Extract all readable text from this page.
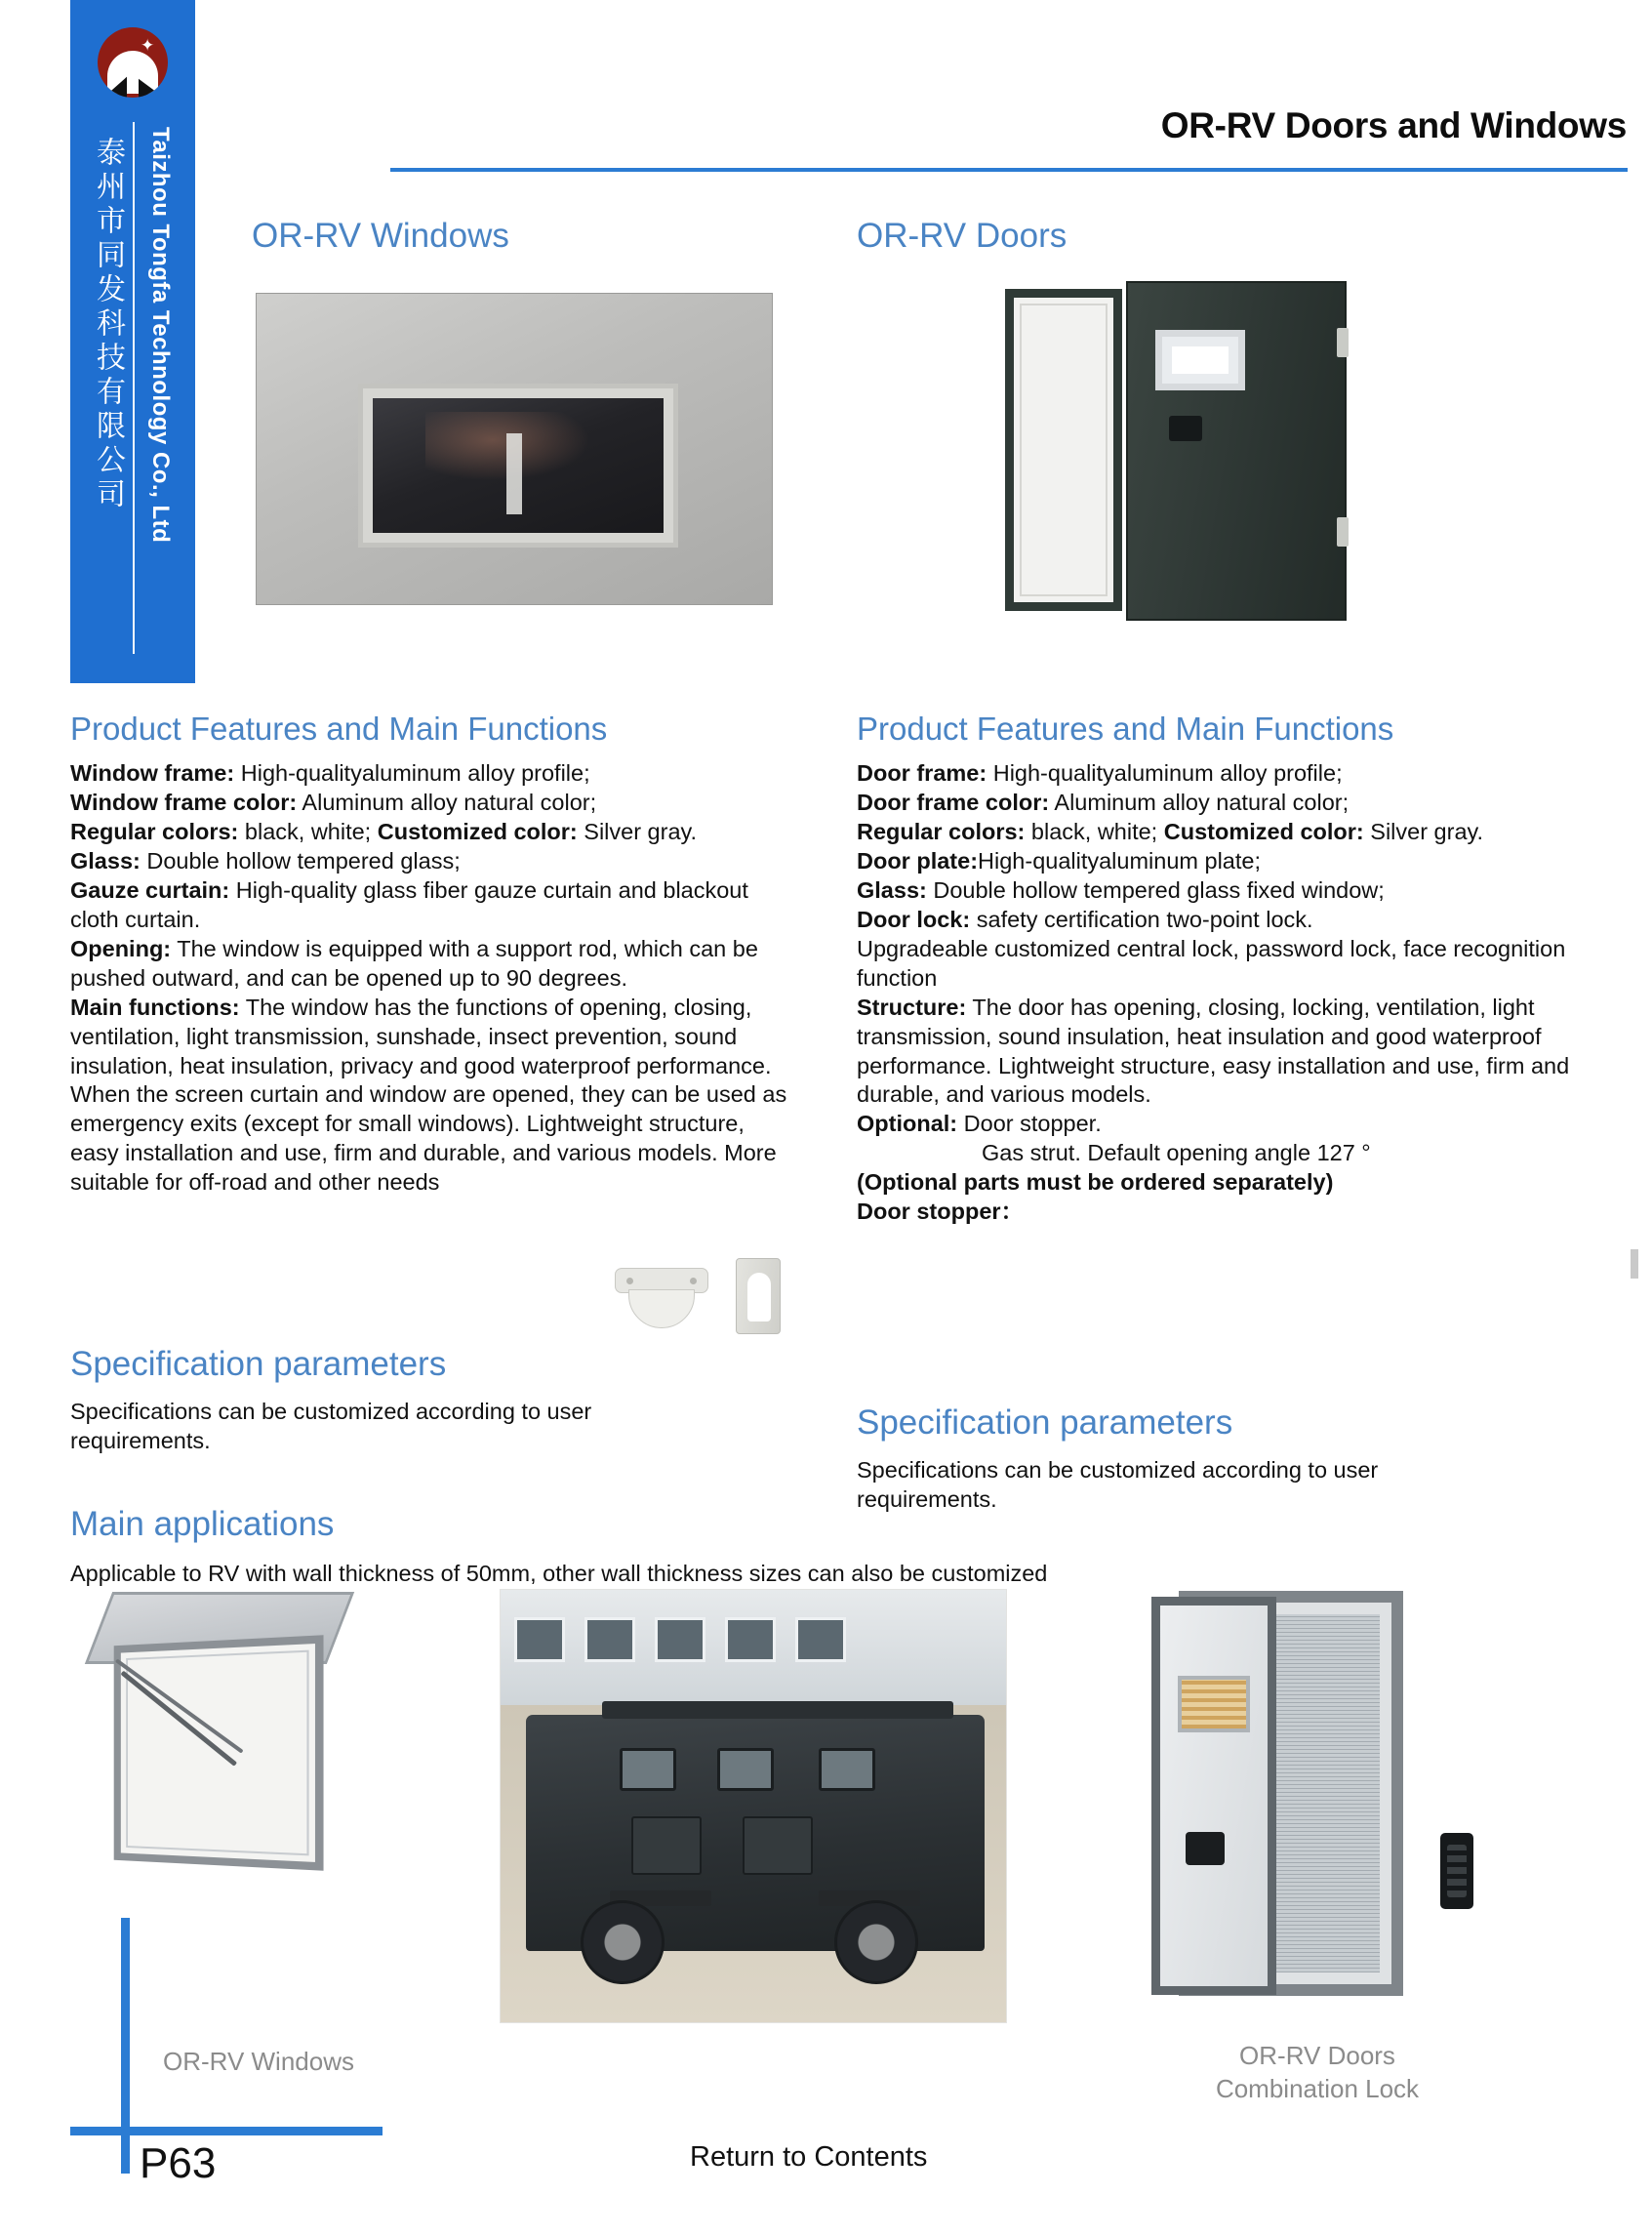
✦
泰州市同发科技有限公司 Taizhou Tongfa Technology Co., Ltd
OR-RV Doors and Windows
OR-RV Windows	OR-RV Doors
Product Features and Main Functions

Window frame: High-qualityaluminum alloy profile;

Window frame color: Aluminum alloy natural color;

Regular colors: black, white; Customized color: Silver gray.

Glass: Double hollow tempered glass;

Gauze curtain: High-quality glass fiber gauze curtain and blackout cloth curtain.

Opening: The window is equipped with a support rod, which can be pushed outward, and can be opened up to 90 degrees.

Main functions: The window has the functions of opening, closing, ventilation, light transmission, sunshade, insect prevention, sound insulation, heat insulation, privacy and good waterproof performance. When the screen curtain and window are opened, they can be used as emergency exits (except for small windows). Lightweight structure, easy installation and use, firm and durable, and various models. More suitable for off-road and other needs

Product Features and Main Functions

Door frame: High-qualityaluminum alloy profile;

Door frame color: Aluminum alloy natural color;

Regular colors: black, white; Customized color: Silver gray.

Door plate:High-qualityaluminum plate;

Glass: Double hollow tempered glass fixed window;

Door lock: safety certification two-point lock.

Upgradeable customized central lock, password lock, face recognition function

Structure: The door has opening, closing, locking, ventilation, light transmission, sound insulation, heat insulation and good waterproof performance. Lightweight structure, easy installation and use, firm and durable, and various models.

Optional: Door stopper.

Gas strut. Default opening angle 127 °

(Optional parts must be ordered separately)

Door stopper：

Specification parameters
Specifications can be customized according to user requirements.	Specification parameters
Specifications can be customized according to user requirements.
Main applications
Applicable to RV with wall thickness of 50mm, other wall thickness sizes can also be customized
OR-RV Windows	OR-RV Doors
Combination Lock
P63	Return to Contents
